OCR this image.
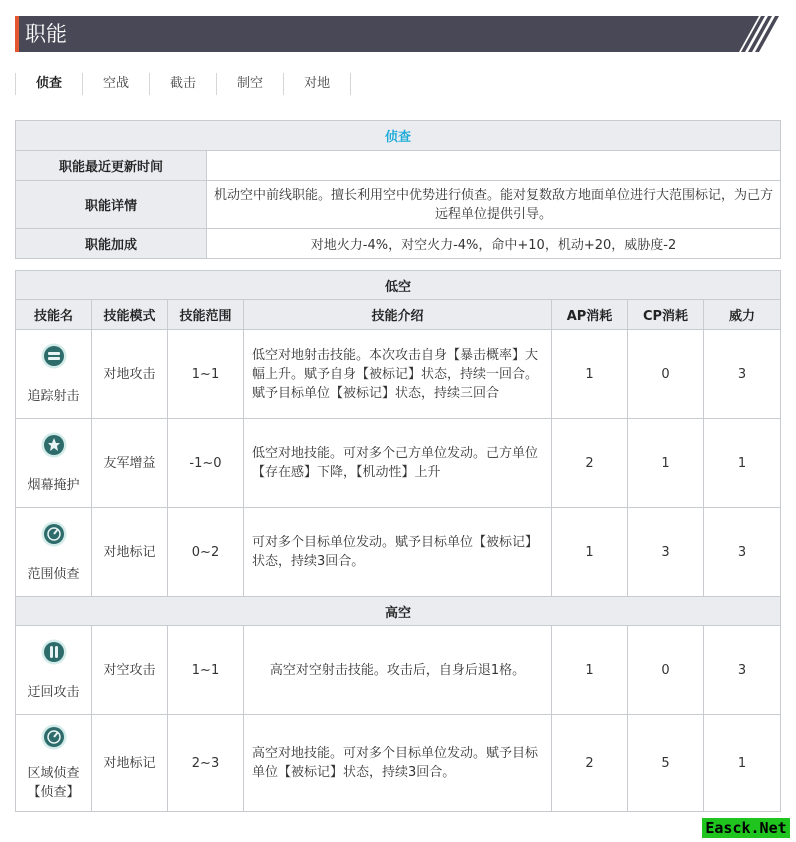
职能
侦查	空战	截击	制空	对地
侦查	
职能最近更新时间	
职能详情	机动空中前线职能。擅长利用空中优势进行侦查。能对复数敌方地面单位进行大范围标记，为己方远程单位提供引导。
职能加成	对地火力-4%，对空火力-4%，命中+10，机动+20，威胁度-2
低空						
技能名	技能模式	技能范围	技能介绍	AP消耗	CP消耗	威力

追踪射击	对地攻击	1~1	低空对地射击技能。本次攻击自身【暴击概率】大幅上升。赋予自身【被标记】状态，持续一回合。赋予目标单位【被标记】状态，持续三回合	1	0	3

烟幕掩护	友军增益	-1~0	低空对地技能。可对多个己方单位发动。己方单位【存在感】下降，【机动性】上升	2	1	1

范围侦查	对地标记	0~2	可对多个目标单位发动。赋予目标单位【被标记】状态，持续3回合。	1	3	3
高空						

迂回攻击	对空攻击	1~1	高空对空射击技能。攻击后，自身后退1格。	1	0	3

区域侦查【侦查】	对地标记	2~3	高空对地技能。可对多个目标单位发动。赋予目标单位【被标记】状态，持续3回合。	2	5	1
Easck.Net
